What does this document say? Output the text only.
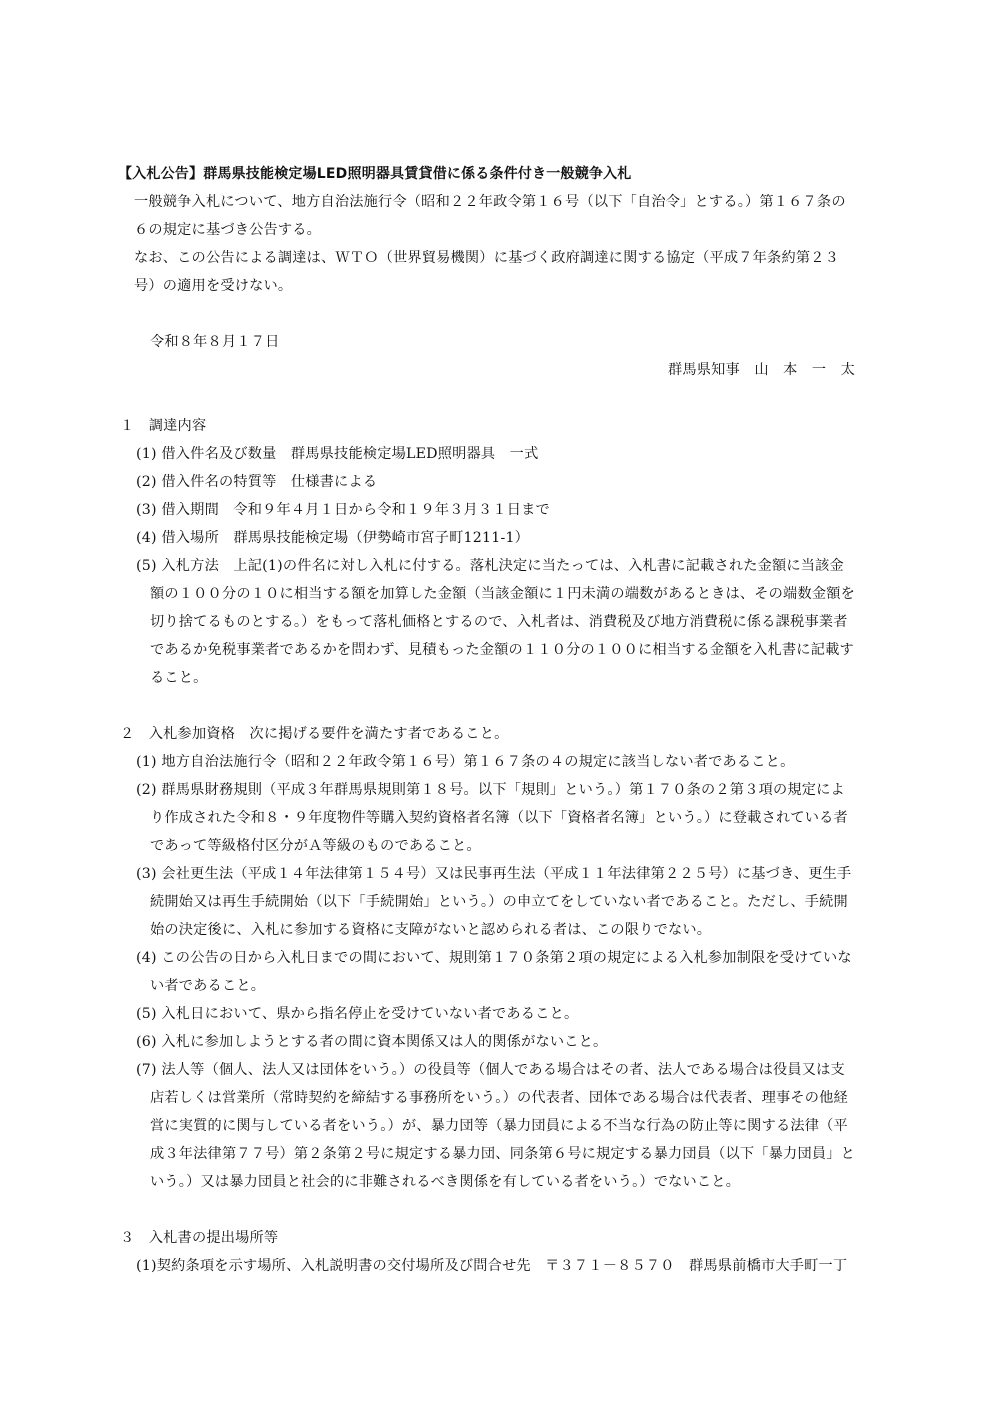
【入札公告】群馬県技能検定場LED照明器具賃貸借に係る条件付き一般競争入札
一般競争入札について、地方自治法施行令（昭和２２年政令第１６号（以下「自治令」とする。）第１６７条の
６の規定に基づき公告する。
なお、この公告による調達は、ＷＴＯ（世界貿易機関）に基づく政府調達に関する協定（平成７年条約第２３
号）の適用を受けない。
令和８年８月１７日
群馬県知事　山　本　一　太
１　調達内容
(1) 借入件名及び数量　群馬県技能検定場LED照明器具　一式
(2) 借入件名の特質等　仕様書による
(3) 借入期間　令和９年４月１日から令和１９年３月３１日まで
(4) 借入場所　群馬県技能検定場（伊勢崎市宮子町1211-1）
(5) 入札方法　上記(1)の件名に対し入札に付する。落札決定に当たっては、入札書に記載された金額に当該金
額の１００分の１０に相当する額を加算した金額（当該金額に１円未満の端数があるときは、その端数金額を
切り捨てるものとする。）をもって落札価格とするので、入札者は、消費税及び地方消費税に係る課税事業者
であるか免税事業者であるかを問わず、見積もった金額の１１０分の１００に相当する金額を入札書に記載す
ること。
２　入札参加資格　次に掲げる要件を満たす者であること。
(1) 地方自治法施行令（昭和２２年政令第１６号）第１６７条の４の規定に該当しない者であること。
(2) 群馬県財務規則（平成３年群馬県規則第１８号。以下「規則」という。）第１７０条の２第３項の規定によ
り作成された令和８・９年度物件等購入契約資格者名簿（以下「資格者名簿」という。）に登載されている者
であって等級格付区分がＡ等級のものであること。
(3) 会社更生法（平成１４年法律第１５４号）又は民事再生法（平成１１年法律第２２５号）に基づき、更生手
続開始又は再生手続開始（以下「手続開始」という。）の申立てをしていない者であること。ただし、手続開
始の決定後に、入札に参加する資格に支障がないと認められる者は、この限りでない。
(4) この公告の日から入札日までの間において、規則第１７０条第２項の規定による入札参加制限を受けていな
い者であること。
(5) 入札日において、県から指名停止を受けていない者であること。
(6) 入札に参加しようとする者の間に資本関係又は人的関係がないこと。
(7) 法人等（個人、法人又は団体をいう。）の役員等（個人である場合はその者、法人である場合は役員又は支
店若しくは営業所（常時契約を締結する事務所をいう。）の代表者、団体である場合は代表者、理事その他経
営に実質的に関与している者をいう。）が、暴力団等（暴力団員による不当な行為の防止等に関する法律（平
成３年法律第７７号）第２条第２号に規定する暴力団、同条第６号に規定する暴力団員（以下「暴力団員」と
いう。）又は暴力団員と社会的に非難されるべき関係を有している者をいう。）でないこと。
３　入札書の提出場所等
(1)契約条項を示す場所、入札説明書の交付場所及び問合せ先　〒３７１－８５７０　群馬県前橋市大手町一丁
